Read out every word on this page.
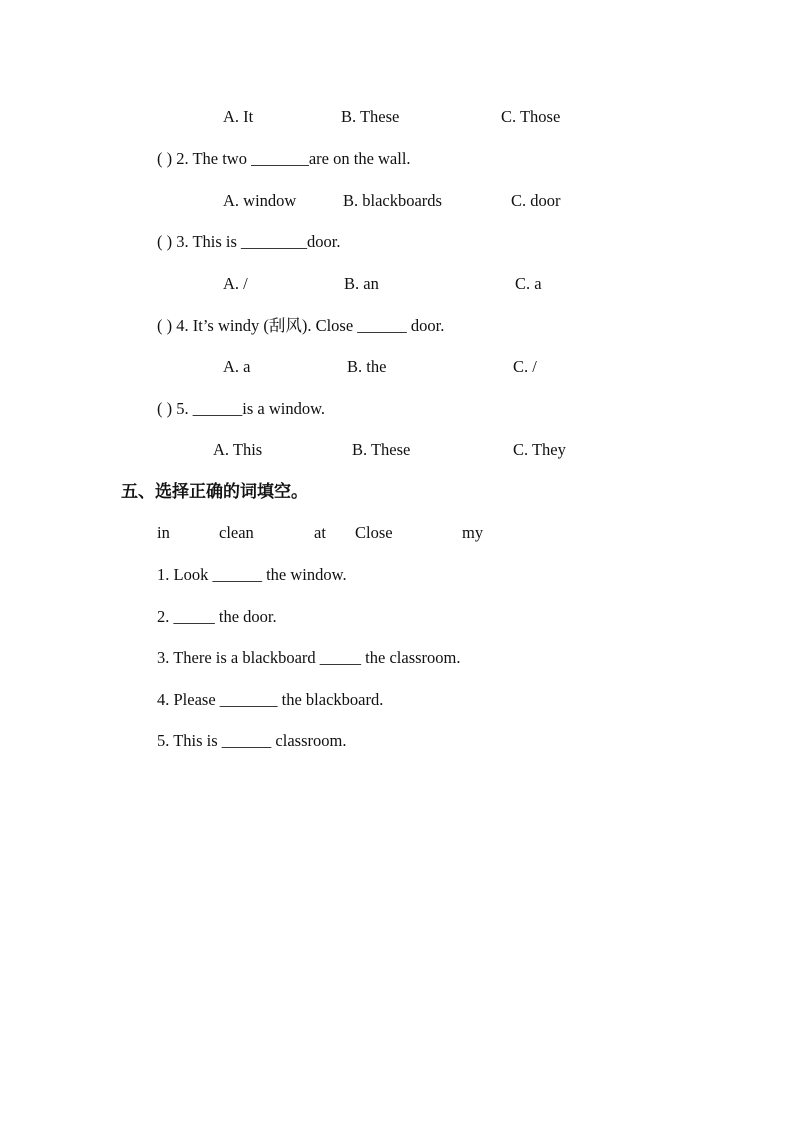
A. It	B. These	C. Those
( ) 2. The two _______are on the wall.
A. window	B. blackboards	C. door
( ) 3. This is ________door.
A. /	B. an	C. a
( ) 4. It’s windy (刮风). Close ______ door.
A. a	B. the	C. /
( ) 5. ______is a window.
A. This	B. These	C. They
五、选择正确的词填空。
in	clean	at Close	my
1. Look ______ the window.
2. _____ the door.
3. There is a blackboard _____ the classroom.
4. Please _______ the blackboard.
5. This is ______ classroom.
